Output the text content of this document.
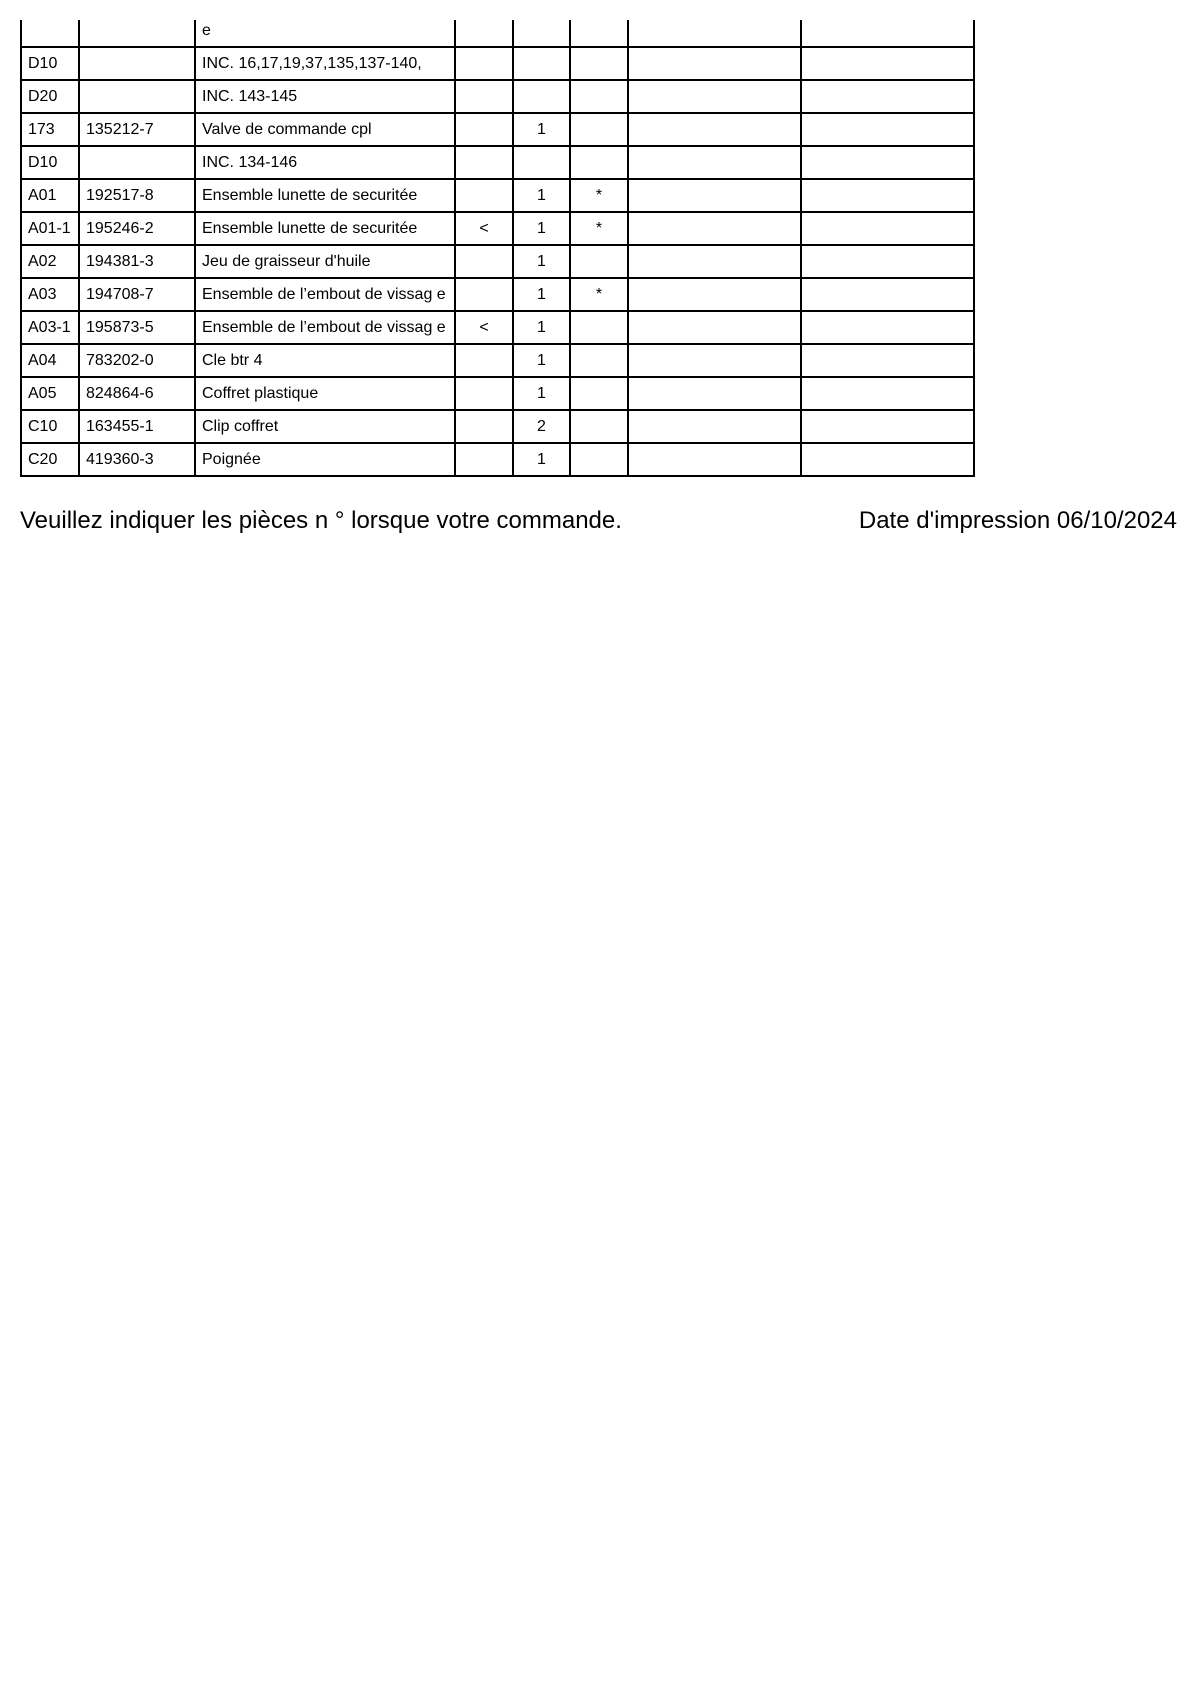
		e					
D10		INC. 16,17,19,37,135,137-140,					
D20		INC. 143-145					
173	135212-7	Valve de commande cpl		1			
D10		INC. 134-146					
A01	192517-8	Ensemble lunette de securitée		1	*		
A01-1	195246-2	Ensemble lunette de securitée	<	1	*		
A02	194381-3	Jeu de graisseur d'huile		1			
A03	194708-7	Ensemble de l’embout de vissag e		1	*		
A03-1	195873-5	Ensemble de l’embout de vissag e	<	1			
A04	783202-0	Cle btr 4		1			
A05	824864-6	Coffret plastique		1			
C10	163455-1	Clip coffret		2			
C20	419360-3	Poignée		1			
Veuillez indiquer les pièces n ° lorsque votre commande.	Date d'impression 06/10/2024
